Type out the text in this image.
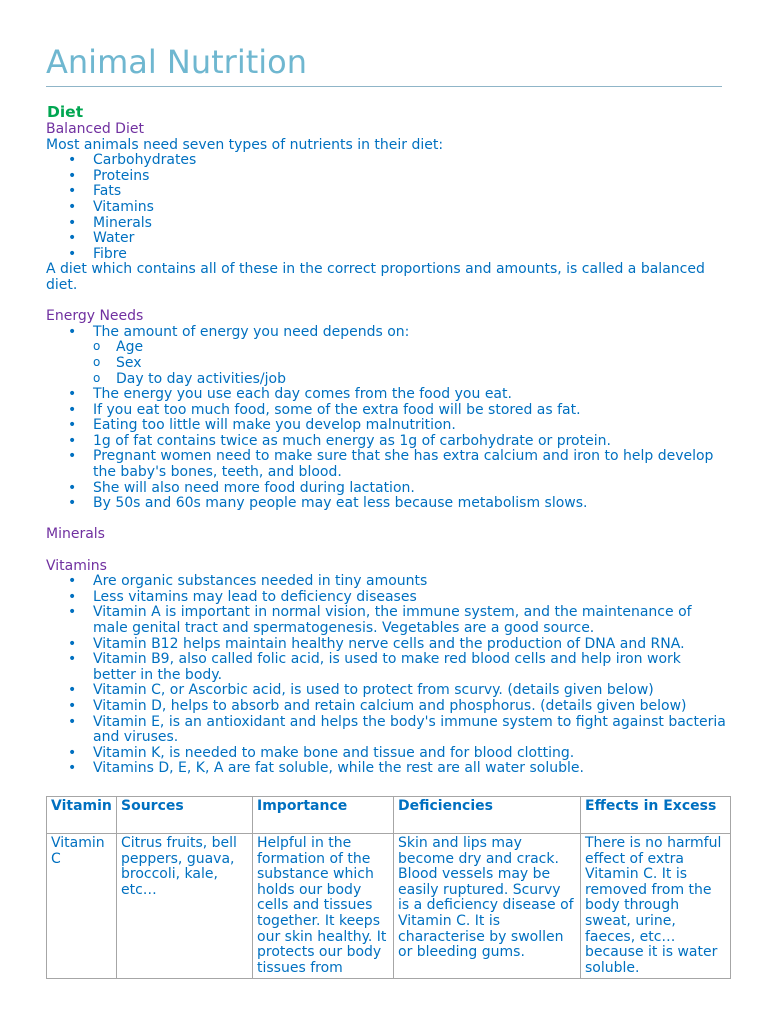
Animal Nutrition
Diet
Balanced Diet

Most animals need seven types of nutrients in their diet:

• Carbohydrates
• Proteins
• Fats
• Vitamins
• Minerals
• Water
• Fibre

A diet which contains all of these in the correct proportions and amounts, is called a balanced diet.

Energy Needs
• The amount of energy you need depends on:
o Age
o Sex
o Day to day activities/job
• The energy you use each day comes from the food you eat.
• If you eat too much food, some of the extra food will be stored as fat.
• Eating too little will make you develop malnutrition.
• 1g of fat contains twice as much energy as 1g of carbohydrate or protein.
• Pregnant women need to make sure that she has extra calcium and iron to help develop the baby's bones, teeth, and blood.
• She will also need more food during lactation.
• By 50s and 60s many people may eat less because metabolism slows.
Minerals
Vitamins
• Are organic substances needed in tiny amounts
• Less vitamins may lead to deficiency diseases
• Vitamin A is important in normal vision, the immune system, and the maintenance of male genital tract and spermatogenesis. Vegetables are a good source.
• Vitamin B12 helps maintain healthy nerve cells and the production of DNA and RNA.
• Vitamin B9, also called folic acid, is used to make red blood cells and help iron work better in the body.
• Vitamin C, or Ascorbic acid, is used to protect from scurvy. (details given below)
• Vitamin D, helps to absorb and retain calcium and phosphorus. (details given below)
• Vitamin E, is an antioxidant and helps the body's immune system to fight against bacteria and viruses.
• Vitamin K, is needed to make bone and tissue and for blood clotting.
• Vitamins D, E, K, A are fat soluble, while the rest are all water soluble.
Vitamin	Sources	Importance	Deficiencies	Effects in Excess
Vitamin C	Citrus fruits, bell peppers, guava, broccoli, kale, etc…	Helpful in the formation of the substance which holds our body cells and tissues together. It keeps our skin healthy. It protects our body tissues from	Skin and lips may become dry and crack. Blood vessels may be easily ruptured. Scurvy is a deficiency disease of Vitamin C. It is characterise by swollen or bleeding gums.	There is no harmful effect of extra Vitamin C. It is removed from the body through sweat, urine, faeces, etc… because it is water soluble.
